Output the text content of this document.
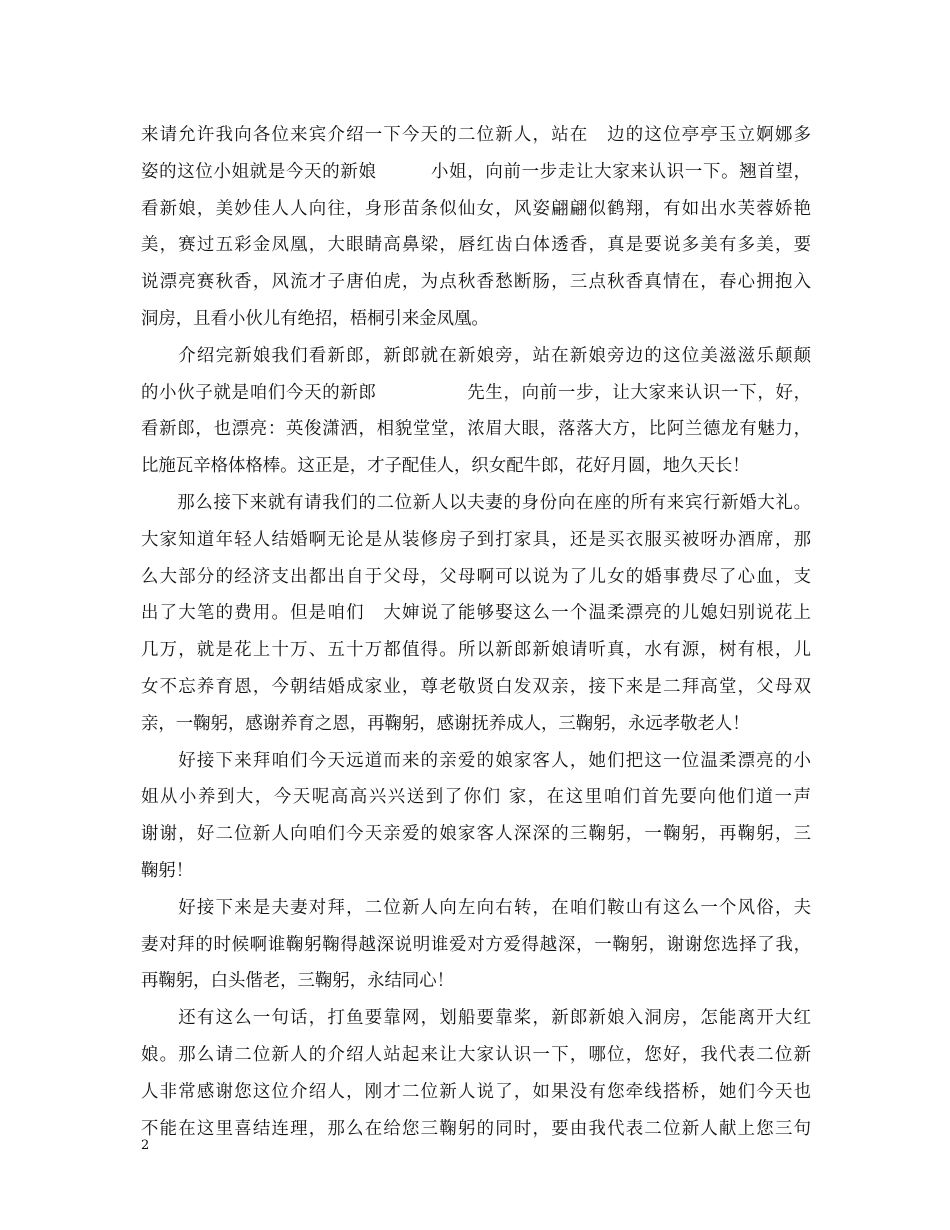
来请允许我向各位来宾介绍一下今天的二位新人，站在　边的这位亭亭玉立婀娜多
姿的这位小姐就是今天的新娘　　　小姐，向前一步走让大家来认识一下。翘首望，
看新娘，美妙佳人人向往，身形苗条似仙女，风姿翩翩似鹤翔，有如出水芙蓉娇艳
美，赛过五彩金凤凰，大眼睛高鼻梁，唇红齿白体透香，真是要说多美有多美，要
说漂亮赛秋香，风流才子唐伯虎，为点秋香愁断肠，三点秋香真情在，春心拥抱入
洞房，且看小伙儿有绝招，梧桐引来金凤凰。
　　介绍完新娘我们看新郎，新郎就在新娘旁，站在新娘旁边的这位美滋滋乐颠颠
的小伙子就是咱们今天的新郎　　　　　先生，向前一步，让大家来认识一下，好，
看新郎，也漂亮：英俊潇洒，相貌堂堂，浓眉大眼，落落大方，比阿兰德龙有魅力，
比施瓦辛格体格棒。这正是，才子配佳人，织女配牛郎，花好月圆，地久天长！
　　那么接下来就有请我们的二位新人以夫妻的身份向在座的所有来宾行新婚大礼。
大家知道年轻人结婚啊无论是从装修房子到打家具，还是买衣服买被呀办酒席，那
么大部分的经济支出都出自于父母，父母啊可以说为了儿女的婚事费尽了心血，支
出了大笔的费用。但是咱们　大婶说了能够娶这么一个温柔漂亮的儿媳妇别说花上
几万，就是花上十万、五十万都值得。所以新郎新娘请听真，水有源，树有根，儿
女不忘养育恩，今朝结婚成家业，尊老敬贤白发双亲，接下来是二拜高堂，父母双
亲，一鞠躬，感谢养育之恩，再鞠躬，感谢抚养成人，三鞠躬，永远孝敬老人！
　　好接下来拜咱们今天远道而来的亲爱的娘家客人，她们把这一位温柔漂亮的小
姐从小养到大，今天呢高高兴兴送到了你们 家，在这里咱们首先要向他们道一声
谢谢，好二位新人向咱们今天亲爱的娘家客人深深的三鞠躬，一鞠躬，再鞠躬，三
鞠躬！
　　好接下来是夫妻对拜，二位新人向左向右转，在咱们鞍山有这么一个风俗，夫
妻对拜的时候啊谁鞠躬鞠得越深说明谁爱对方爱得越深，一鞠躬，谢谢您选择了我，
再鞠躬，白头偕老，三鞠躬，永结同心！
　　还有这么一句话，打鱼要靠网，划船要靠桨，新郎新娘入洞房，怎能离开大红
娘。那么请二位新人的介绍人站起来让大家认识一下，哪位，您好，我代表二位新
人非常感谢您这位介绍人，刚才二位新人说了，如果没有您牵线搭桥，她们今天也
不能在这里喜结连理，那么在给您三鞠躬的同时，要由我代表二位新人献上您三句
2
